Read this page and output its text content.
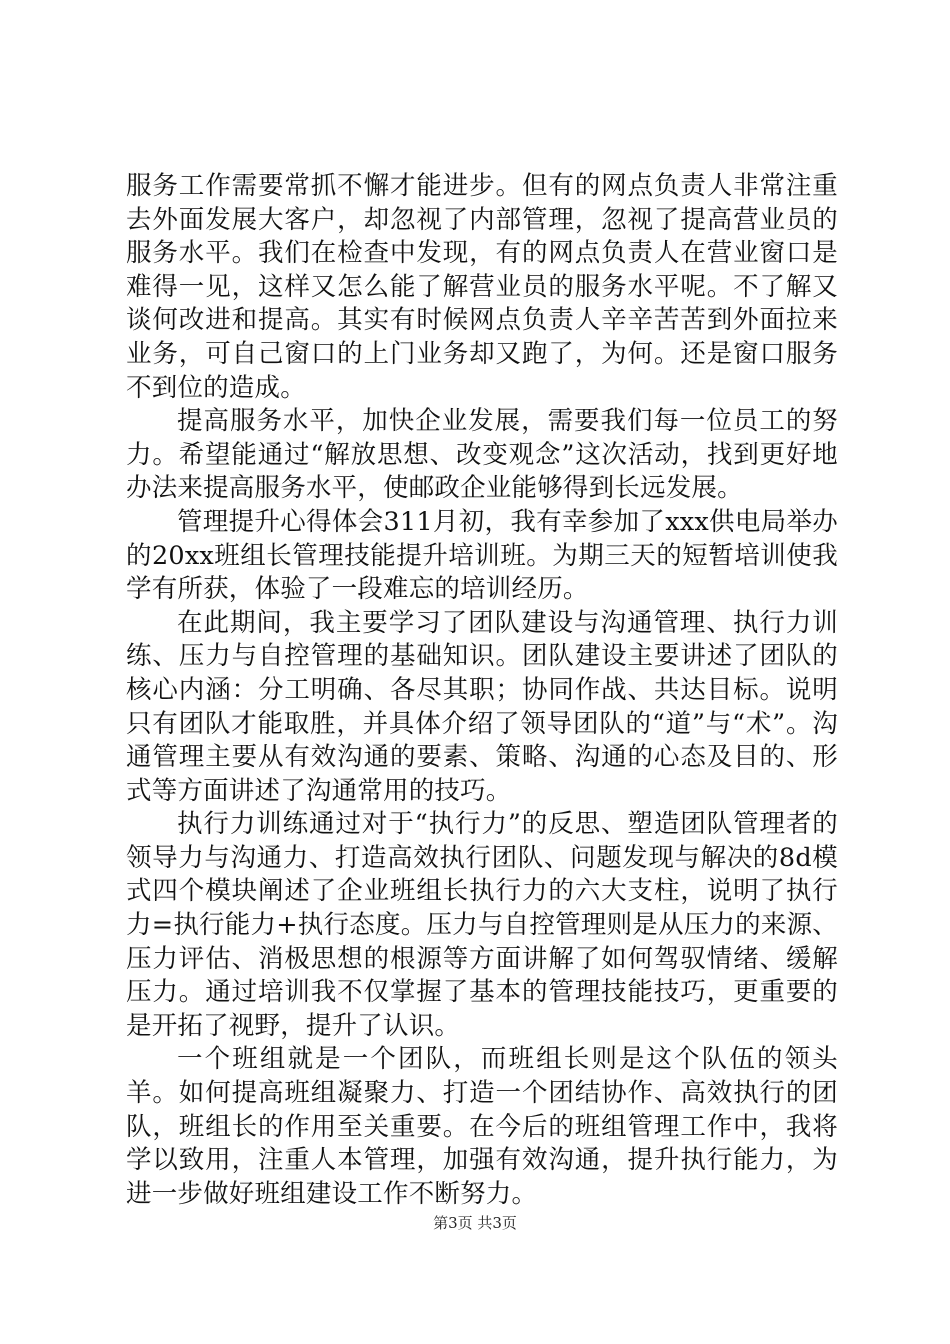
服务工作需要常抓不懈才能进步。但有的网点负责人非常注重去外面发展大客户，却忽视了内部管理，忽视了提高营业员的服务水平。我们在检查中发现，有的网点负责人在营业窗口是难得一见，这样又怎么能了解营业员的服务水平呢。不了解又谈何改进和提高。其实有时候网点负责人辛辛苦苦到外面拉来业务，可自己窗口的上门业务却又跑了，为何。还是窗口服务不到位的造成。

提高服务水平，加快企业发展，需要我们每一位员工的努力。希望能通过“解放思想、改变观念”这次活动，找到更好地办法来提高服务水平，使邮政企业能够得到长远发展。

管理提升心得体会311月初，我有幸参加了xxx供电局举办的20xx班组长管理技能提升培训班。为期三天的短暂培训使我学有所获，体验了一段难忘的培训经历。

在此期间，我主要学习了团队建设与沟通管理、执行力训练、压力与自控管理的基础知识。团队建设主要讲述了团队的核心内涵：分工明确、各尽其职；协同作战、共达目标。说明只有团队才能取胜，并具体介绍了领导团队的“道”与“术”。沟通管理主要从有效沟通的要素、策略、沟通的心态及目的、形式等方面讲述了沟通常用的技巧。

执行力训练通过对于“执行力”的反思、塑造团队管理者的领导力与沟通力、打造高效执行团队、问题发现与解决的8d模式四个模块阐述了企业班组长执行力的六大支柱，说明了执行力=执行能力+执行态度。压力与自控管理则是从压力的来源、压力评估、消极思想的根源等方面讲解了如何驾驭情绪、缓解压力。通过培训我不仅掌握了基本的管理技能技巧，更重要的是开拓了视野，提升了认识。

一个班组就是一个团队，而班组长则是这个队伍的领头羊。如何提高班组凝聚力、打造一个团结协作、高效执行的团队，班组长的作用至关重要。在今后的班组管理工作中，我将学以致用，注重人本管理，加强有效沟通，提升执行能力，为进一步做好班组建设工作不断努力。

第3页 共3页
